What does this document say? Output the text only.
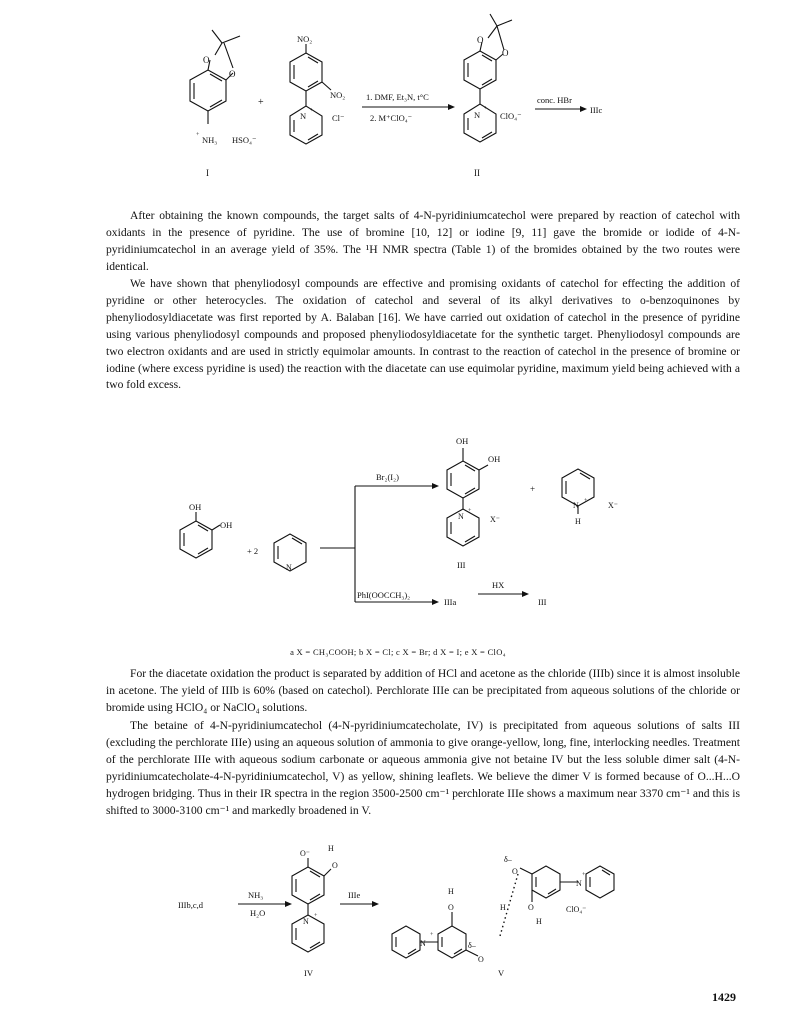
O
O
+
+ NH₃ HSO₄⁻
NO₂
NO₂
N +
Cl⁻
1. DMF, Et₃N, t°C
2. M⁺ClO₄⁻
O
O
N
+
ClO₄⁻
conc. HBr
IIIc
I	II

After obtaining the known compounds, the target salts of 4-N-pyridiniumcatechol were prepared by reaction of catechol with oxidants in the presence of pyridine. The use of bromine [10, 12] or iodine [9, 11] gave the bromide or iodide of 4-N-pyridiniumcatechol in an average yield of 35%. The ¹H NMR spectra (Table 1) of the bromides obtained by the two routes were identical.

We have shown that phenyliodosyl compounds are effective and promising oxidants of catechol for effecting the addition of pyridine or other heterocycles. The oxidation of catechol and several of its alkyl derivatives to o-benzoquinones by phenyliodosyldiacetate was first reported by A. Balaban [16]. We have carried out oxidation of catechol in the presence of pyridine using various phenyliodosyl compounds and proposed phenyliodosyldiacetate for the synthetic target. Phenyliodosyl compounds are two electron oxidants and are used in strictly equimolar amounts. In contrast to the reaction of catechol in the presence of bromine or iodine (where excess pyridine is used) the reaction with the diacetate can use equimolar pyridine, maximum yield being achieved with a two fold excess.

OH
OH
+ 2
N
Br₂(I₂)
PhI(OOCCH₃)₂
OH
OH
N
+
X⁻
+
N
H
+	X⁻
III
IIIa
HX
III
a X = CH₃COOH; b X = Cl; c X = Br; d X = I; e X = ClO₄

For the diacetate oxidation the product is separated by addition of HCl and acetone as the chloride (IIIb) since it is almost insoluble in acetone. The yield of IIIb is 60% (based on catechol). Perchlorate IIIe can be precipitated from aqueous solutions of the chloride or bromide using HClO₄ or NaClO₄ solutions.

The betaine of 4-N-pyridiniumcatechol (4-N-pyridiniumcatecholate, IV) is precipitated from aqueous solutions of salts III (excluding the perchlorate IIIe) using an aqueous solution of ammonia to give orange-yellow, long, fine, interlocking needles. Treatment of the perchlorate IIIe with aqueous sodium carbonate or aqueous ammonia give not betaine IV but the less soluble dimer salt (4-N-pyridiniumcatecholate-4-N-pyridiniumcatechol, V) as yellow, shining leaflets. We believe the dimer V is formed because of O...H...O hydrogen bridging. Thus in their IR spectra in the region 3500-2500 cm⁻¹ perchlorate IIIe shows a maximum near 3370 cm⁻¹ and this is shifted to 3000-3100 cm⁻¹ and markedly broadened in V.

IIIb,c,d
NH₃
H₂O
IIIe
O⁻
H
O
N
+
IV	V
δ–
O
H
O
H
δ–
O
O
H
N
+
N
+
ClO₄⁻
1429
